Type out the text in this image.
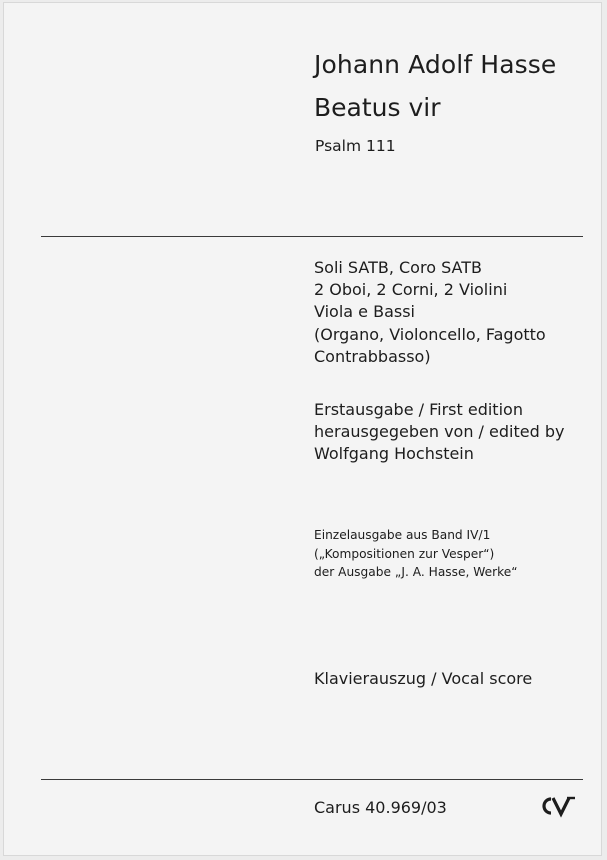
Johann Adolf Hasse
Beatus vir
Psalm 111
Soli SATB, Coro SATB
2 Oboi, 2 Corni, 2 Violini
Viola e Bassi
(Organo, Violoncello, Fagotto
Contrabbasso)
Erstausgabe / First edition
herausgegeben von / edited by
Wolfgang Hochstein
Einzelausgabe aus Band IV/1
(„Kompositionen zur Vesper“)
der Ausgabe „J. A. Hasse, Werke“
Klavierauszug / Vocal score
Carus 40.969/03
